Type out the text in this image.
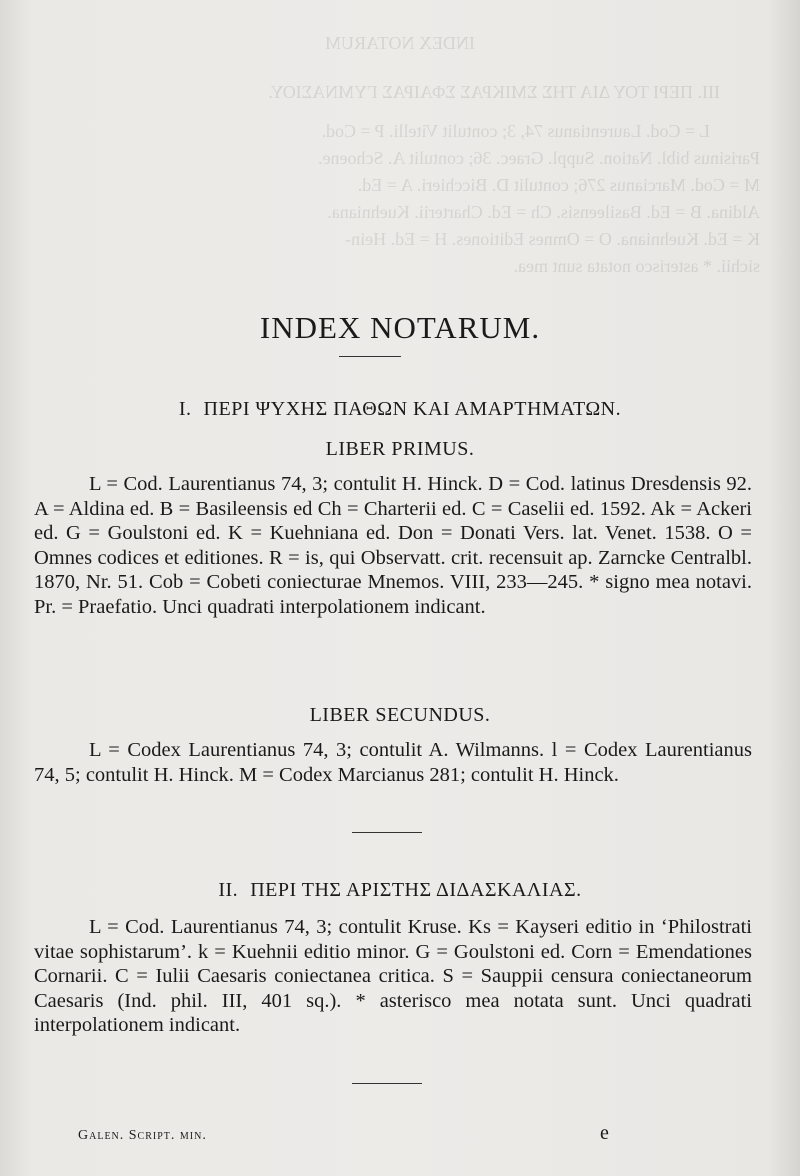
INDEX NOTARUM
III. ΠΕΡΙ ΤΟΥ ΔΙΑ ΤΗΣ ΣΜΙΚΡΑΣ ΣΦΑΙΡΑΣ ΓΥΜΝΑΣΙΟΥ.
L = Cod. Laurentianus 74, 3; contulit Vitelli. P = Cod.
Parisinus bibl. Nation. Suppl. Graec. 36; contulit A. Schoene.
M = Cod. Marcianus 276; contulit D. Bicchieri. A = Ed.
Aldina. B = Ed. Basileensis. Ch = Ed. Charterii. Kuehniana.
K = Ed. Kuehniana. O = Omnes Editiones. H = Ed. Hein-
sichii. * asterisco notata sunt mea.
INDEX NOTARUM.
I. ΠΕΡΙ ΨΥΧΗΣ ΠΑΘΩΝ ΚΑΙ ΑΜΑΡΤΗΜΑΤΩΝ.
LIBER PRIMUS.
L = Cod. Laurentianus 74, 3; contulit H. Hinck. D = Cod. latinus Dresdensis 92. A = Aldina ed. B = Basileensis ed Ch = Charterii ed. C = Caselii ed. 1592. Ak = Ackeri ed. G = Goulstoni ed. K = Kuehniana ed. Don = Donati Vers. lat. Venet. 1538. O = Omnes codices et editiones. R = is, qui Observatt. crit. recensuit ap. Zarncke Centralbl. 1870, Nr. 51. Cob = Cobeti coniecturae Mnemos. VIII, 233—245. * signo mea notavi. Pr. = Praefatio. Unci quadrati interpolationem indicant.
LIBER SECUNDUS.
L = Codex Laurentianus 74, 3; contulit A. Wilmanns. l = Codex Laurentianus 74, 5; contulit H. Hinck. M = Codex Marcianus 281; contulit H. Hinck.
II. ΠΕΡΙ ΤΗΣ ΑΡΙΣΤΗΣ ΔΙΔΑΣΚΑΛΙΑΣ.
L = Cod. Laurentianus 74, 3; contulit Kruse. Ks = Kayseri editio in ‘Philostrati vitae sophistarum’. k = Kuehnii editio minor. G = Goulstoni ed. Corn = Emendationes Cornarii. C = Iulii Caesaris coniectanea critica. S = Sauppii censura coniectaneorum Caesaris (Ind. phil. III, 401 sq.). * asterisco mea notata sunt. Unci quadrati interpolationem indicant.
Galen. Script. min.	e
